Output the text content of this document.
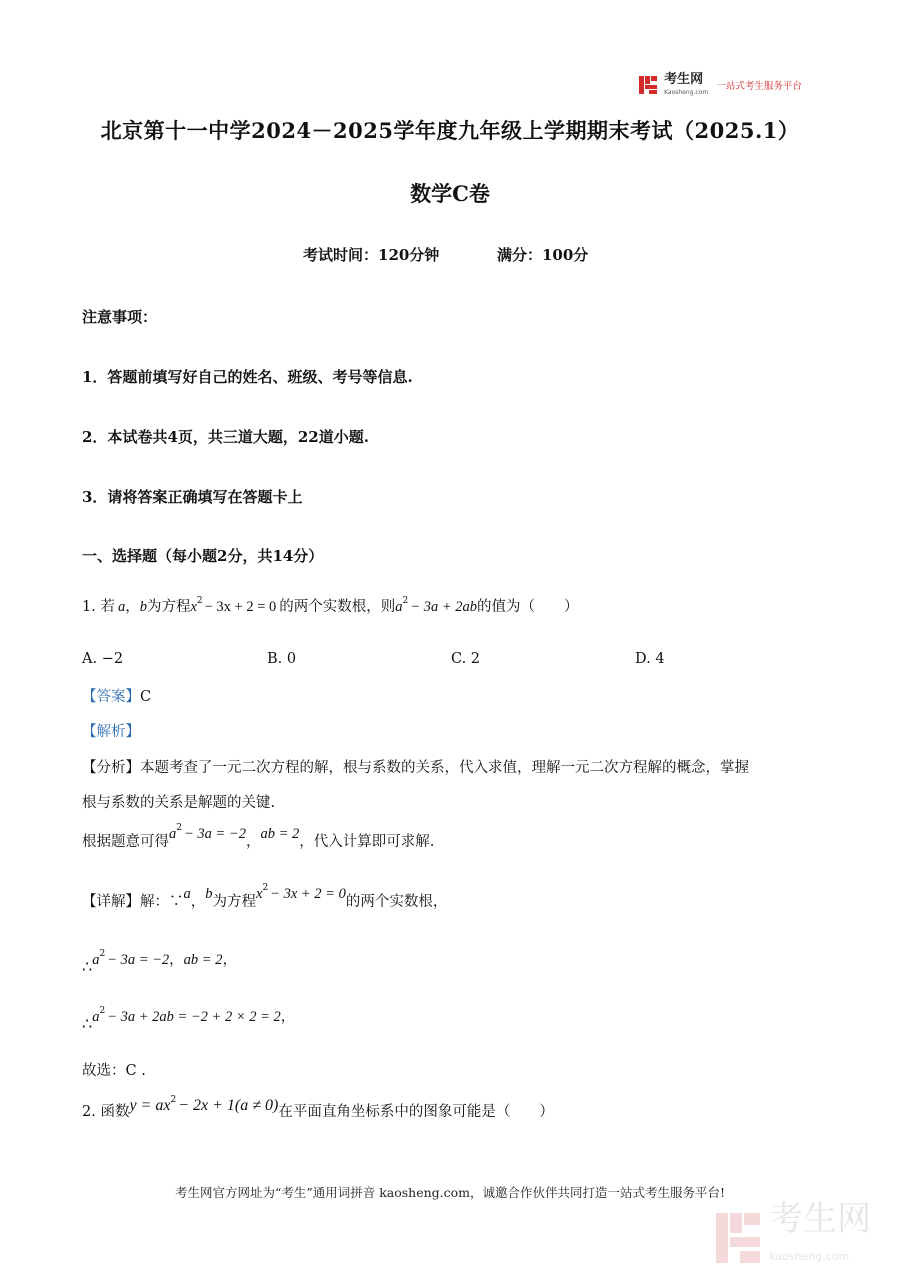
考生网
Kaosheng.com 一站式考生服务平台
北京第十一中学2024－2025学年度九年级上学期期末考试（2025.1）
数学C卷
考试时间：120分钟	满分：100分
注意事项：
1．答题前填写好自己的姓名、班级、考号等信息.
2．本试卷共4页，共三道大题，22道小题.
3．请将答案正确填写在答题卡上
一、选择题（每小题2分，共14分）
1. 若 a，b为方程$x^2 - 3x + 2 = 0$ 的两个实数根，则$a^2 - 3a + 2ab$的值为（　　）
A. −2	B. 0	C. 2	D. 4
【答案】C
【解析】
【分析】本题考查了一元二次方程的解，根与系数的关系，代入求值，理解一元二次方程解的概念，掌握
根与系数的关系是解题的关键.
根据题意可得$a^2 - 3a = -2$，ab = 2，代入计算即可求解.
【详解】解：∵a，b为方程$x^2 - 3x + 2 = 0$的两个实数根，
$\therefore a^2 - 3a = -2$，ab = 2，
$\therefore a^2 - 3a + 2ab = -2 + 2 \times 2 = 2$，
故选：C .
2. 函数$y = ax^2 - 2x + 1(a \ne 0)$在平面直角坐标系中的图象可能是（　　）
考生网官方网址为“考生”通用词拼音 kaosheng.com，诚邀合作伙伴共同打造一站式考生服务平台!
考生网
kaosheng.com
